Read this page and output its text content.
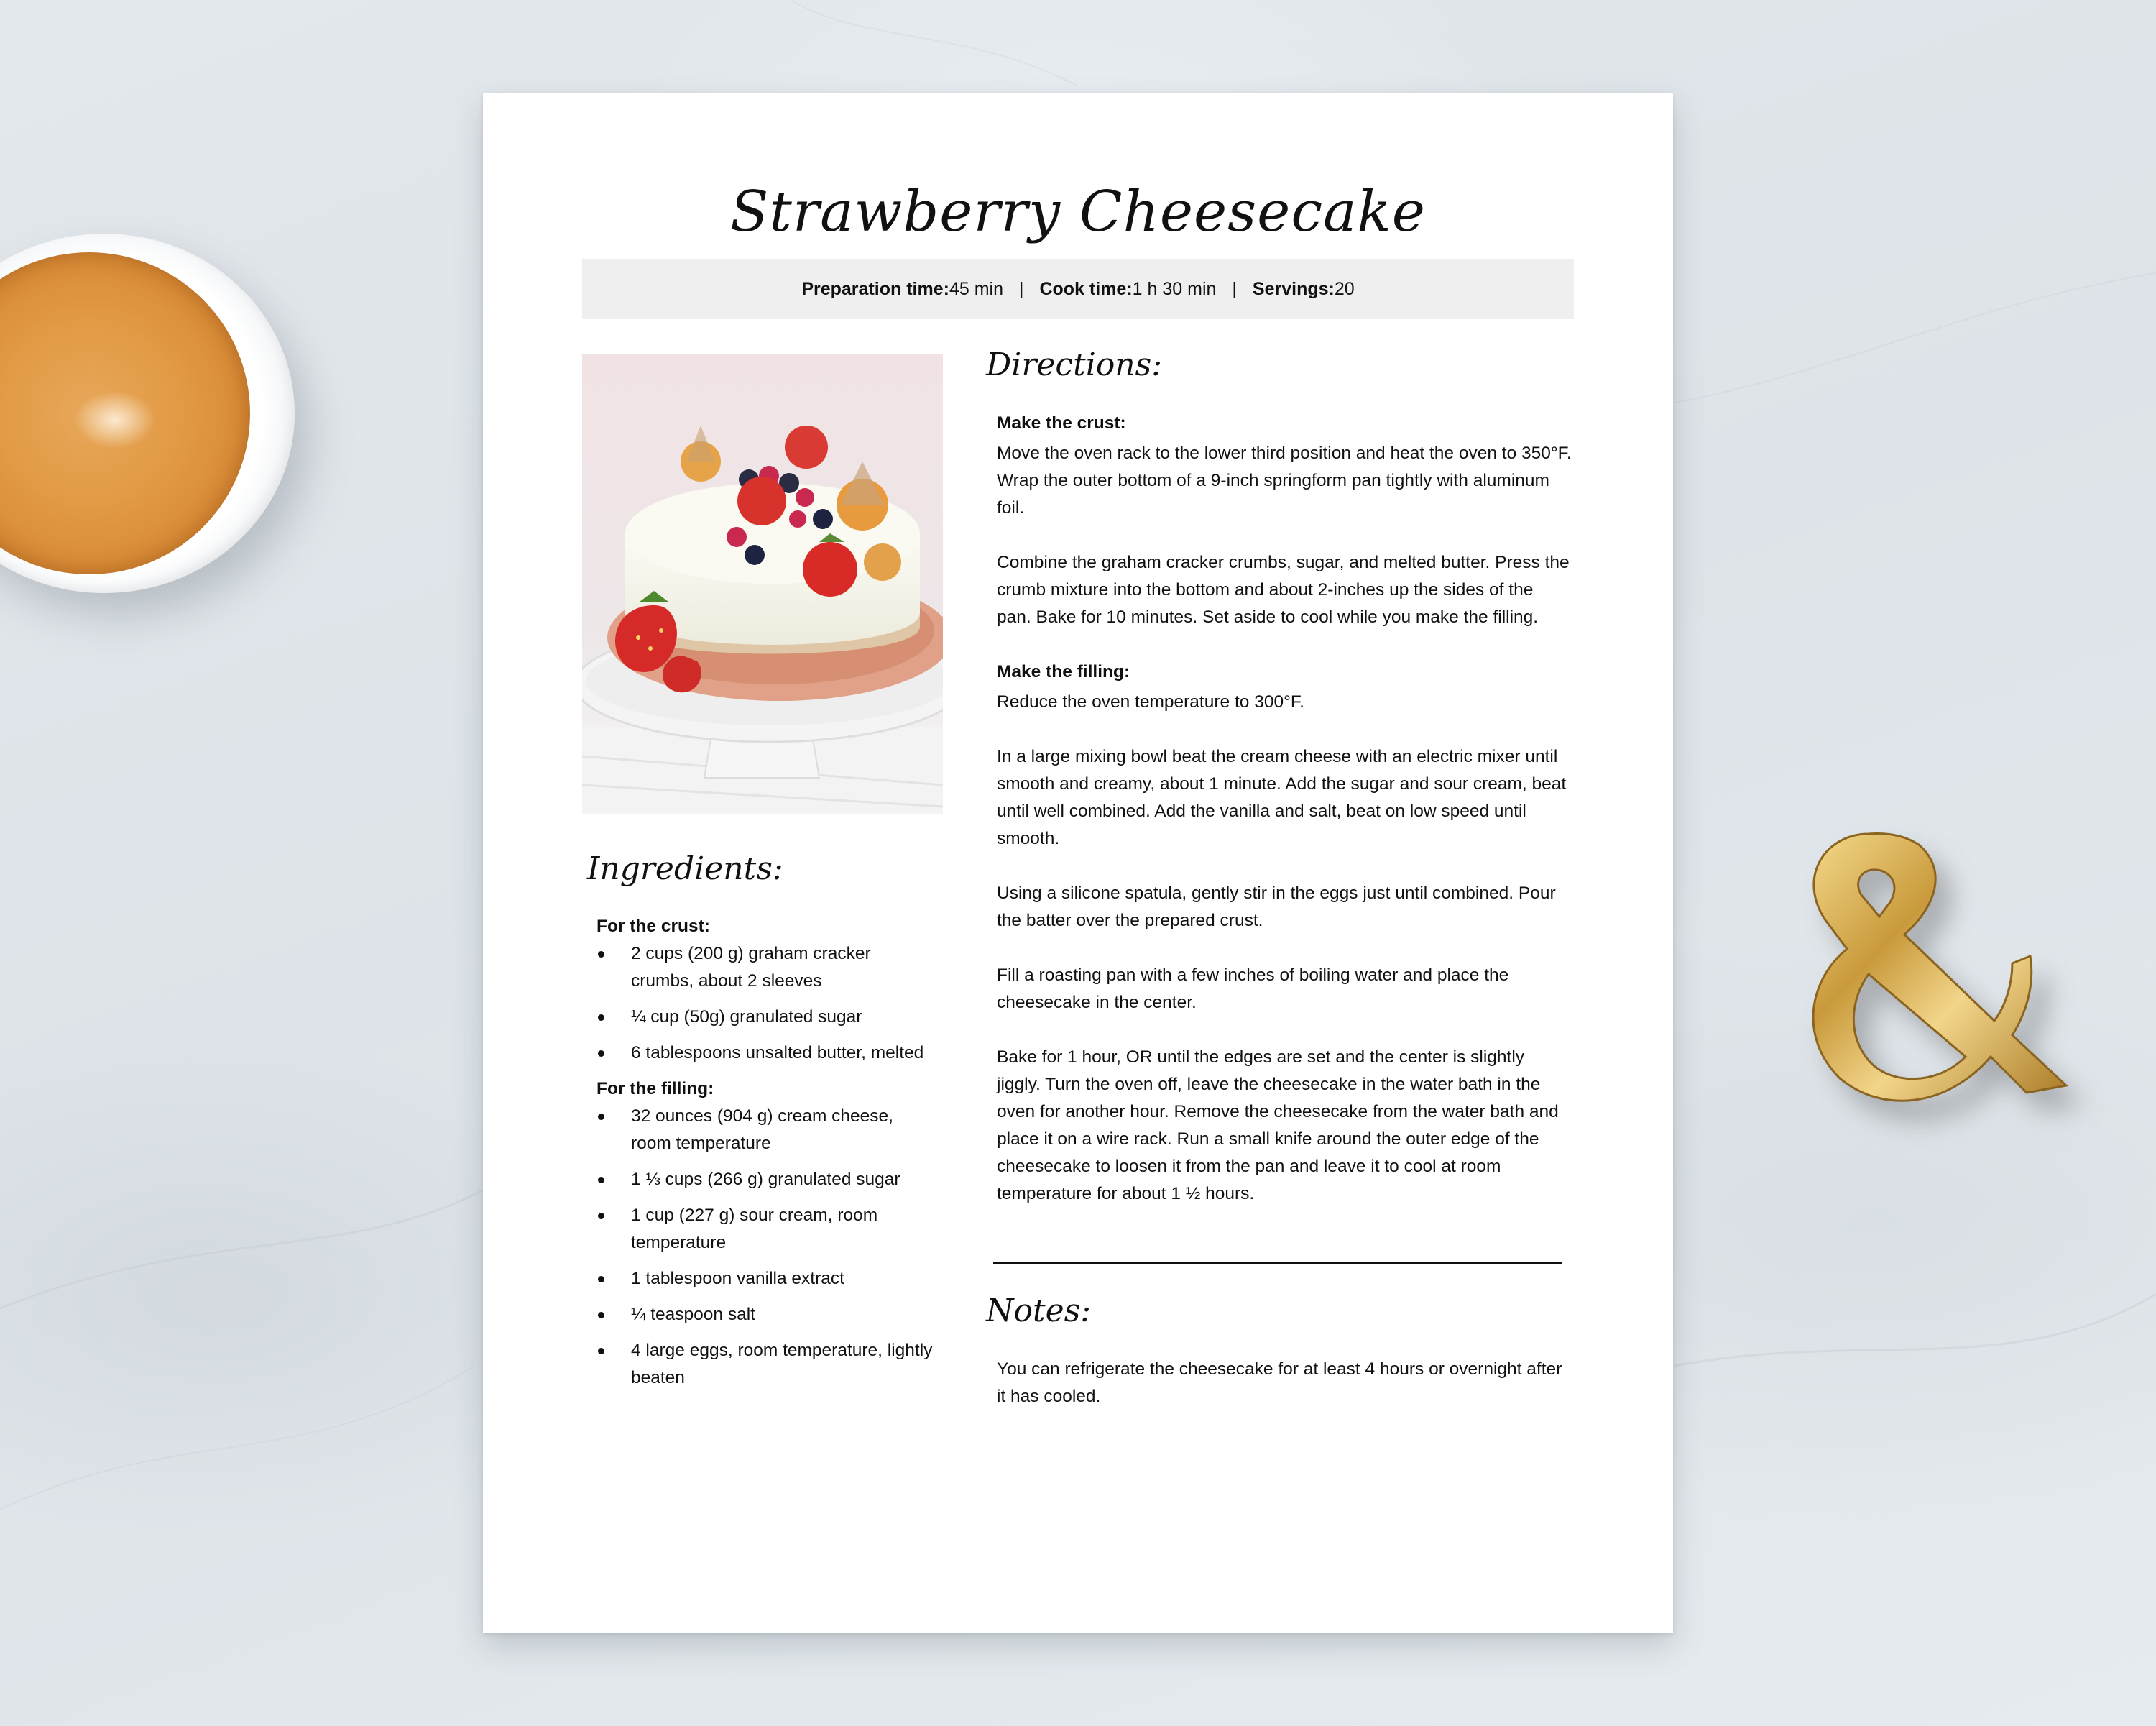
Strawberry Cheesecake
Preparation time: 45 min | Cook time: 1 h 30 min | Servings: 20
Directions:
Make the crust:
Move the oven rack to the lower third position and heat the oven to 350°F. Wrap the outer bottom of a 9-inch springform pan tightly with aluminum foil.
Combine the graham cracker crumbs, sugar, and melted butter. Press the crumb mixture into the bottom and about 2-inches up the sides of the pan. Bake for 10 minutes. Set aside to cool while you make the filling.
Make the filling:
Reduce the oven temperature to 300°F.
In a large mixing bowl beat the cream cheese with an electric mixer until smooth and creamy, about 1 minute. Add the sugar and sour cream, beat until well combined. Add the vanilla and salt, beat on low speed until smooth.
Using a silicone spatula, gently stir in the eggs just until combined. Pour the batter over the prepared crust.
Fill a roasting pan with a few inches of boiling water and place the cheesecake in the center.
Bake for 1 hour, OR until the edges are set and the center is slightly jiggly. Turn the oven off, leave the cheesecake in the water bath in the oven for another hour. Remove the cheesecake from the water bath and place it on a wire rack. Run a small knife around the outer edge of the cheesecake to loosen it from the pan and leave it to cool at room temperature for about 1 ½ hours.
Notes:
You can refrigerate the cheesecake for at least 4 hours or overnight after it has cooled.
Ingredients:
For the crust:
2 cups (200 g) graham cracker crumbs, about 2 sleeves
¼ cup (50g) granulated sugar
6 tablespoons unsalted butter, melted
For the filling:
32 ounces (904 g) cream cheese, room temperature
1 ⅓ cups (266 g) granulated sugar
1 cup (227 g) sour cream, room temperature
1 tablespoon vanilla extract
¼ teaspoon salt
4 large eggs, room temperature, lightly beaten
